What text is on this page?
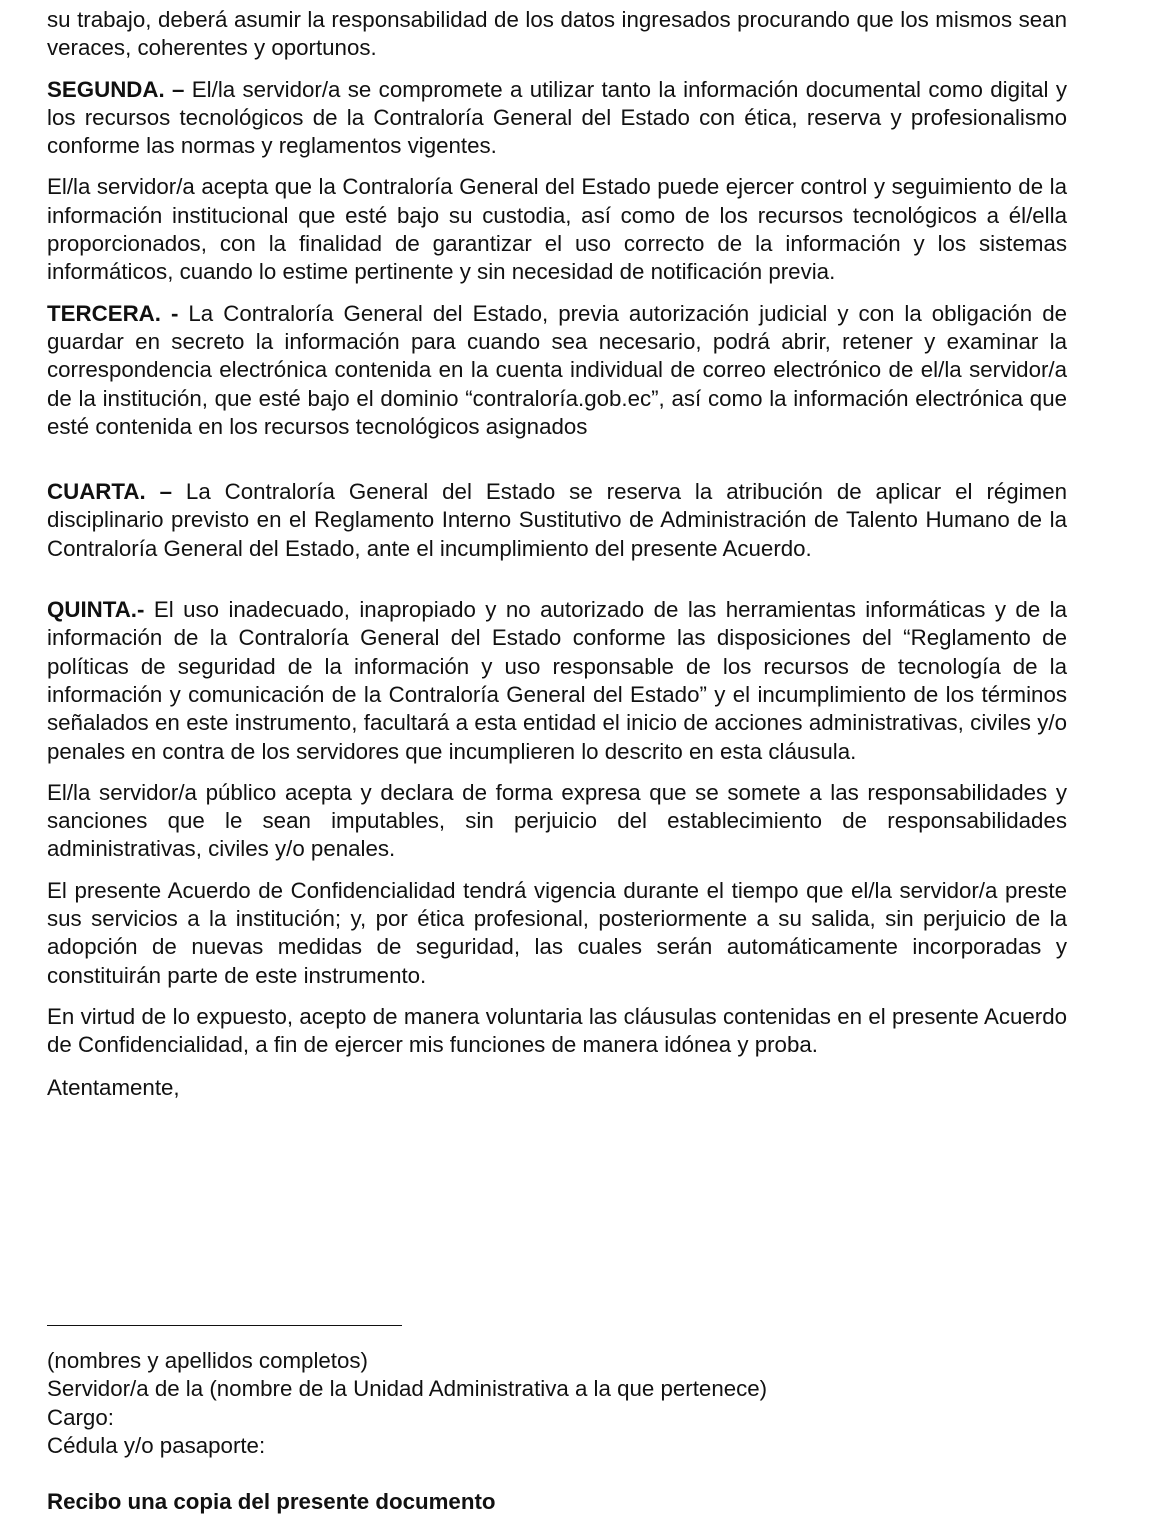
su trabajo, deberá asumir la responsabilidad de los datos ingresados procurando que los mismos sean veraces, coherentes y oportunos.

SEGUNDA. – El/la servidor/a se compromete a utilizar tanto la información documental como digital y los recursos tecnológicos de la Contraloría General del Estado con ética, reserva y profesionalismo conforme las normas y reglamentos vigentes.

El/la servidor/a acepta que la Contraloría General del Estado puede ejercer control y seguimiento de la información institucional que esté bajo su custodia, así como de los recursos tecnológicos a él/ella proporcionados, con la finalidad de garantizar el uso correcto de la información y los sistemas informáticos, cuando lo estime pertinente y sin necesidad de notificación previa.

TERCERA. - La Contraloría General del Estado, previa autorización judicial y con la obligación de guardar en secreto la información para cuando sea necesario, podrá abrir, retener y examinar la correspondencia electrónica contenida en la cuenta individual de correo electrónico de el/la servidor/a de la institución, que esté bajo el dominio “contraloría.gob.ec”, así como la información electrónica que esté contenida en los recursos tecnológicos asignados

CUARTA. – La Contraloría General del Estado se reserva la atribución de aplicar el régimen disciplinario previsto en el Reglamento Interno Sustitutivo de Administración de Talento Humano de la Contraloría General del Estado, ante el incumplimiento del presente Acuerdo.

QUINTA.- El uso inadecuado, inapropiado y no autorizado de las herramientas informáticas y de la información de la Contraloría General del Estado conforme las disposiciones del “Reglamento de políticas de seguridad de la información y uso responsable de los recursos de tecnología de la información y comunicación de la Contraloría General del Estado” y el incumplimiento de los términos señalados en este instrumento, facultará a esta entidad el inicio de acciones administrativas, civiles y/o penales en contra de los servidores que incumplieren lo descrito en esta cláusula.

El/la servidor/a público acepta y declara de forma expresa que se somete a las responsabilidades y sanciones que le sean imputables, sin perjuicio del establecimiento de responsabilidades administrativas, civiles y/o penales.

El presente Acuerdo de Confidencialidad tendrá vigencia durante el tiempo que el/la servidor/a preste sus servicios a la institución; y, por ética profesional, posteriormente a su salida, sin perjuicio de la adopción de nuevas medidas de seguridad, las cuales serán automáticamente incorporadas y constituirán parte de este instrumento.

En virtud de lo expuesto, acepto de manera voluntaria las cláusulas contenidas en el presente Acuerdo de Confidencialidad, a fin de ejercer mis funciones de manera idónea y proba.

Atentamente,

(nombres y apellidos completos)
Servidor/a de la (nombre de la Unidad Administrativa a la que pertenece)
Cargo:
Cédula y/o pasaporte:
Recibo una copia del presente documento
